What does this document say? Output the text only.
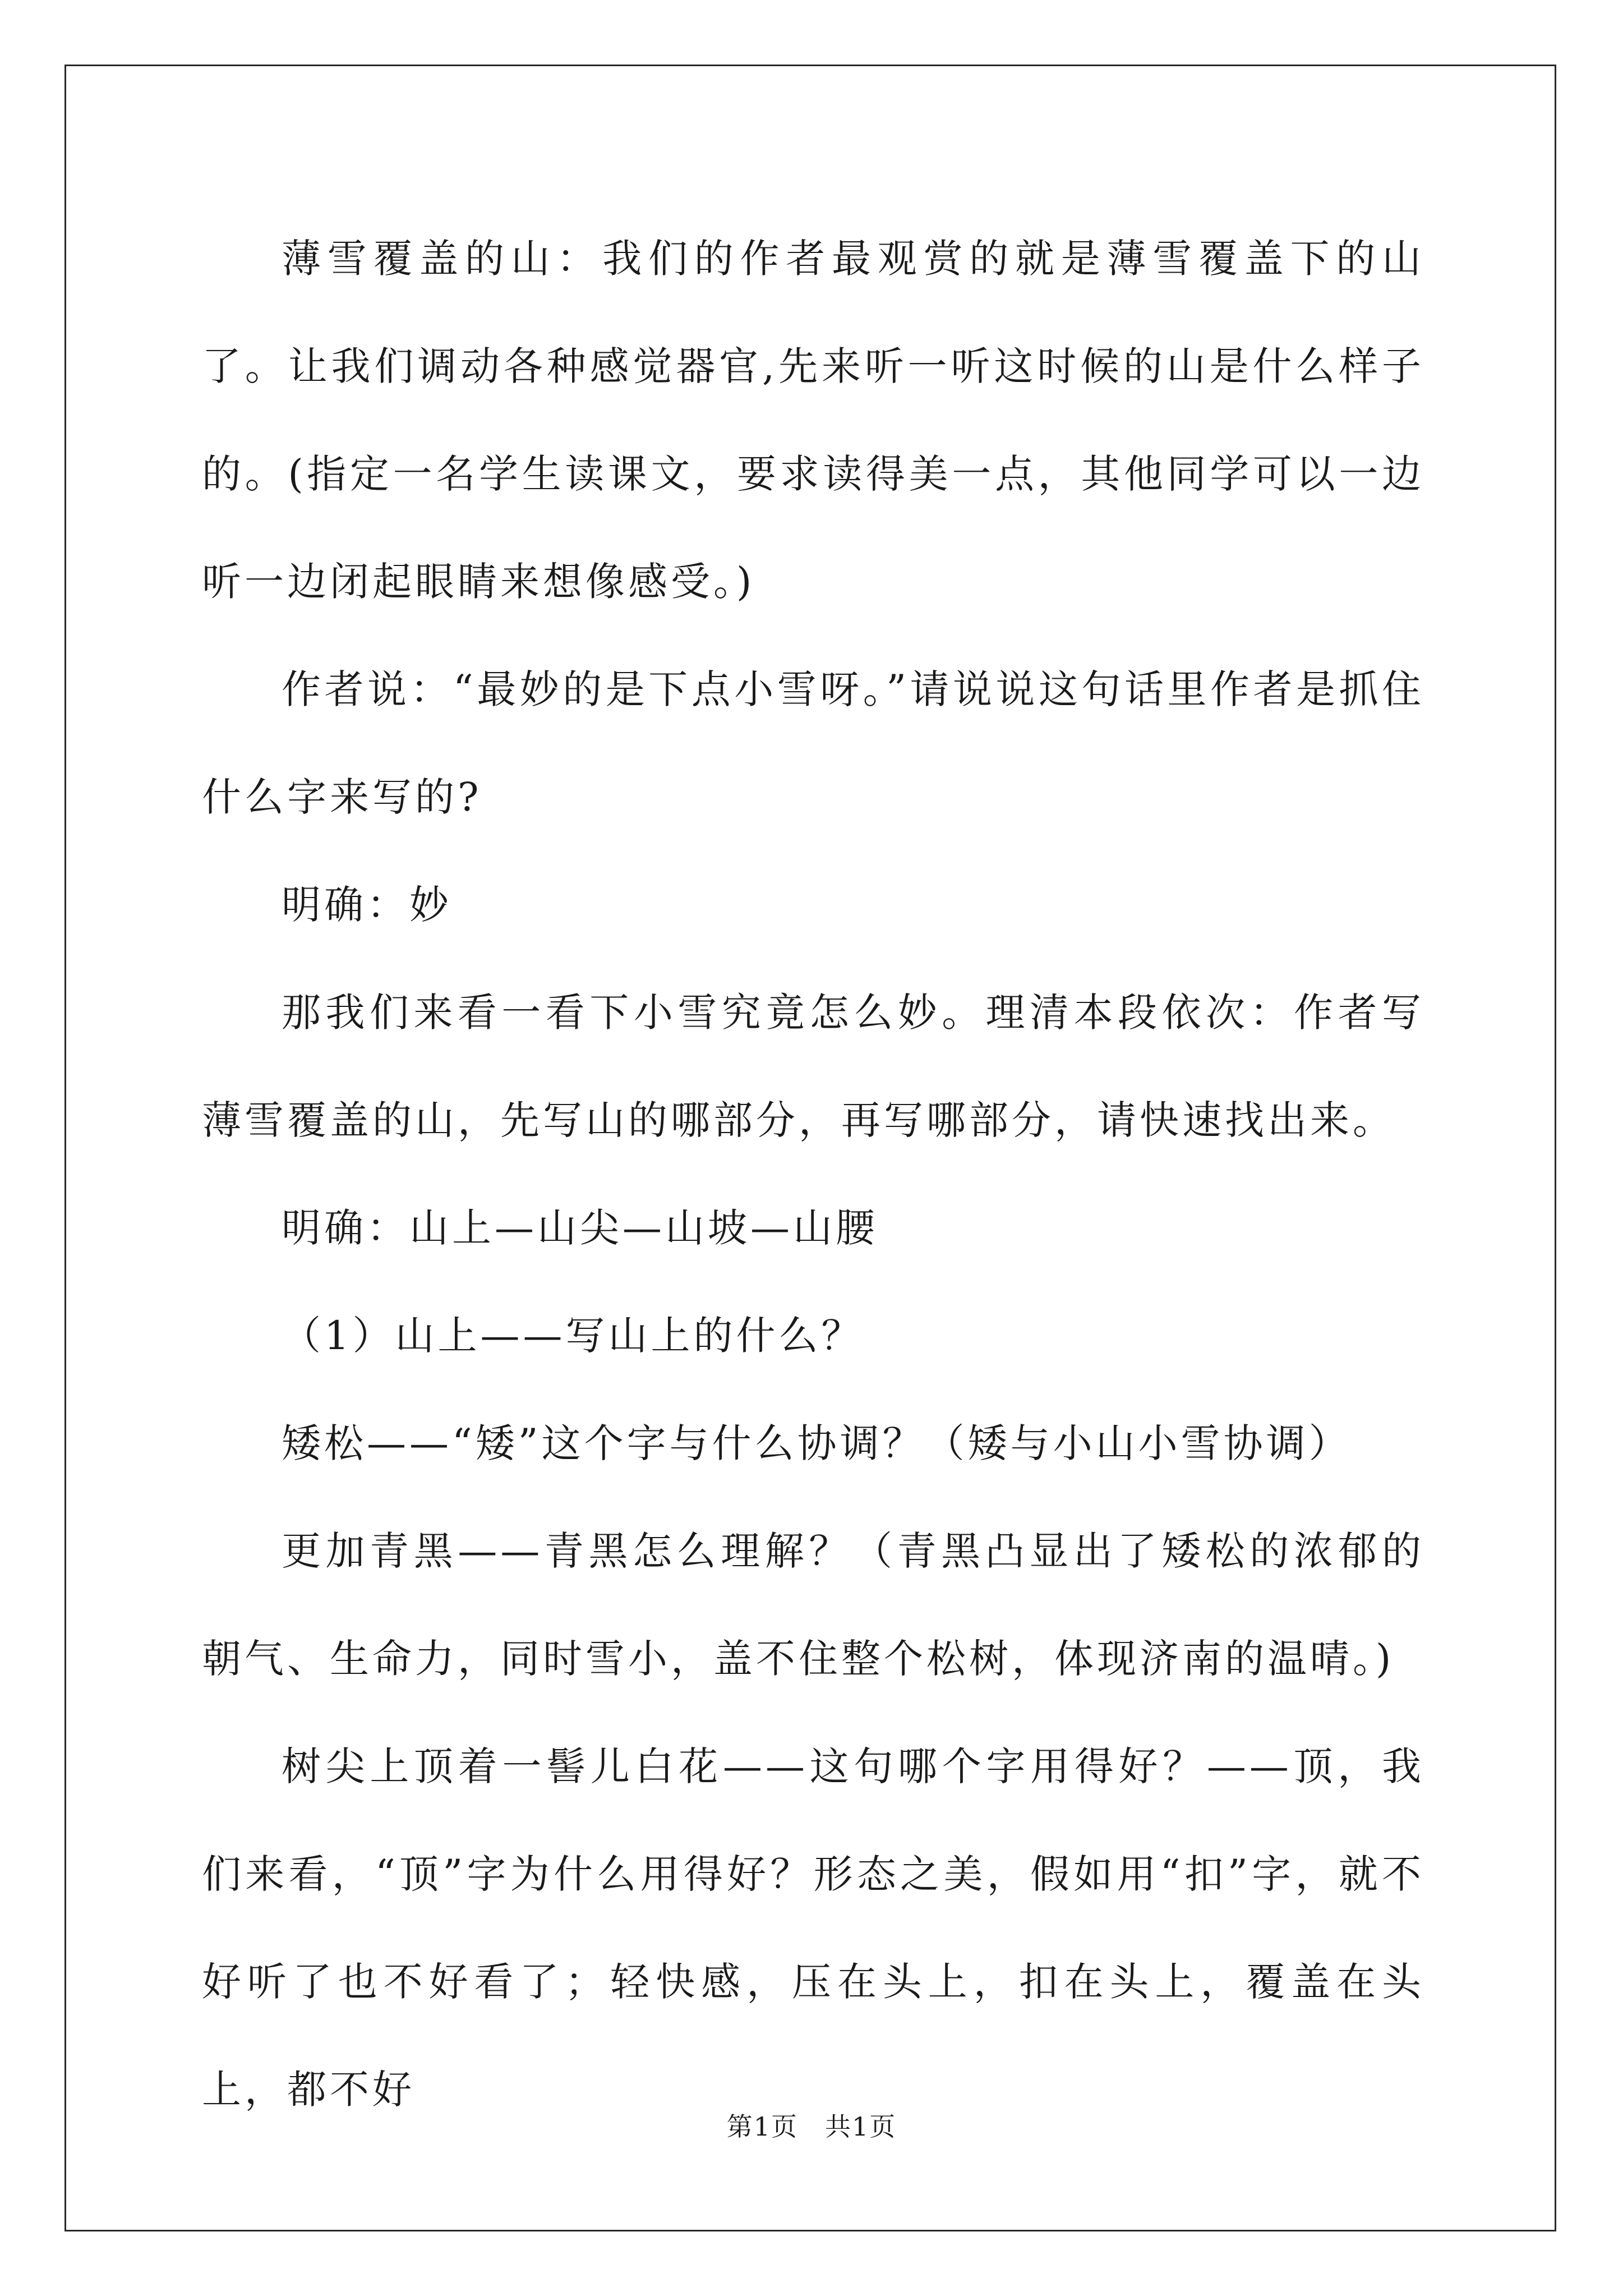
薄雪覆盖的山：我们的作者最观赏的就是薄雪覆盖下的山了。让我们调动各种感觉器官,先来听一听这时候的山是什么样子的。(指定一名学生读课文，要求读得美一点，其他同学可以一边听一边闭起眼睛来想像感受。)

作者说：“最妙的是下点小雪呀。”请说说这句话里作者是抓住什么字来写的?

明确：妙

那我们来看一看下小雪究竟怎么妙。理清本段依次：作者写薄雪覆盖的山，先写山的哪部分，再写哪部分，请快速找出来。

明确：山上—山尖—山坡—山腰

（1）山上——写山上的什么？

矮松——“矮”这个字与什么协调？（矮与小山小雪协调）

更加青黑——青黑怎么理解？（青黑凸显出了矮松的浓郁的朝气、生命力，同时雪小，盖不住整个松树，体现济南的温晴。)

树尖上顶着一髻儿白花——这句哪个字用得好？——顶，我们来看，“顶”字为什么用得好？形态之美，假如用“扣”字，就不好听了也不好看了；轻快感，压在头上，扣在头上，覆盖在头上，都不好

第1页　共1页
